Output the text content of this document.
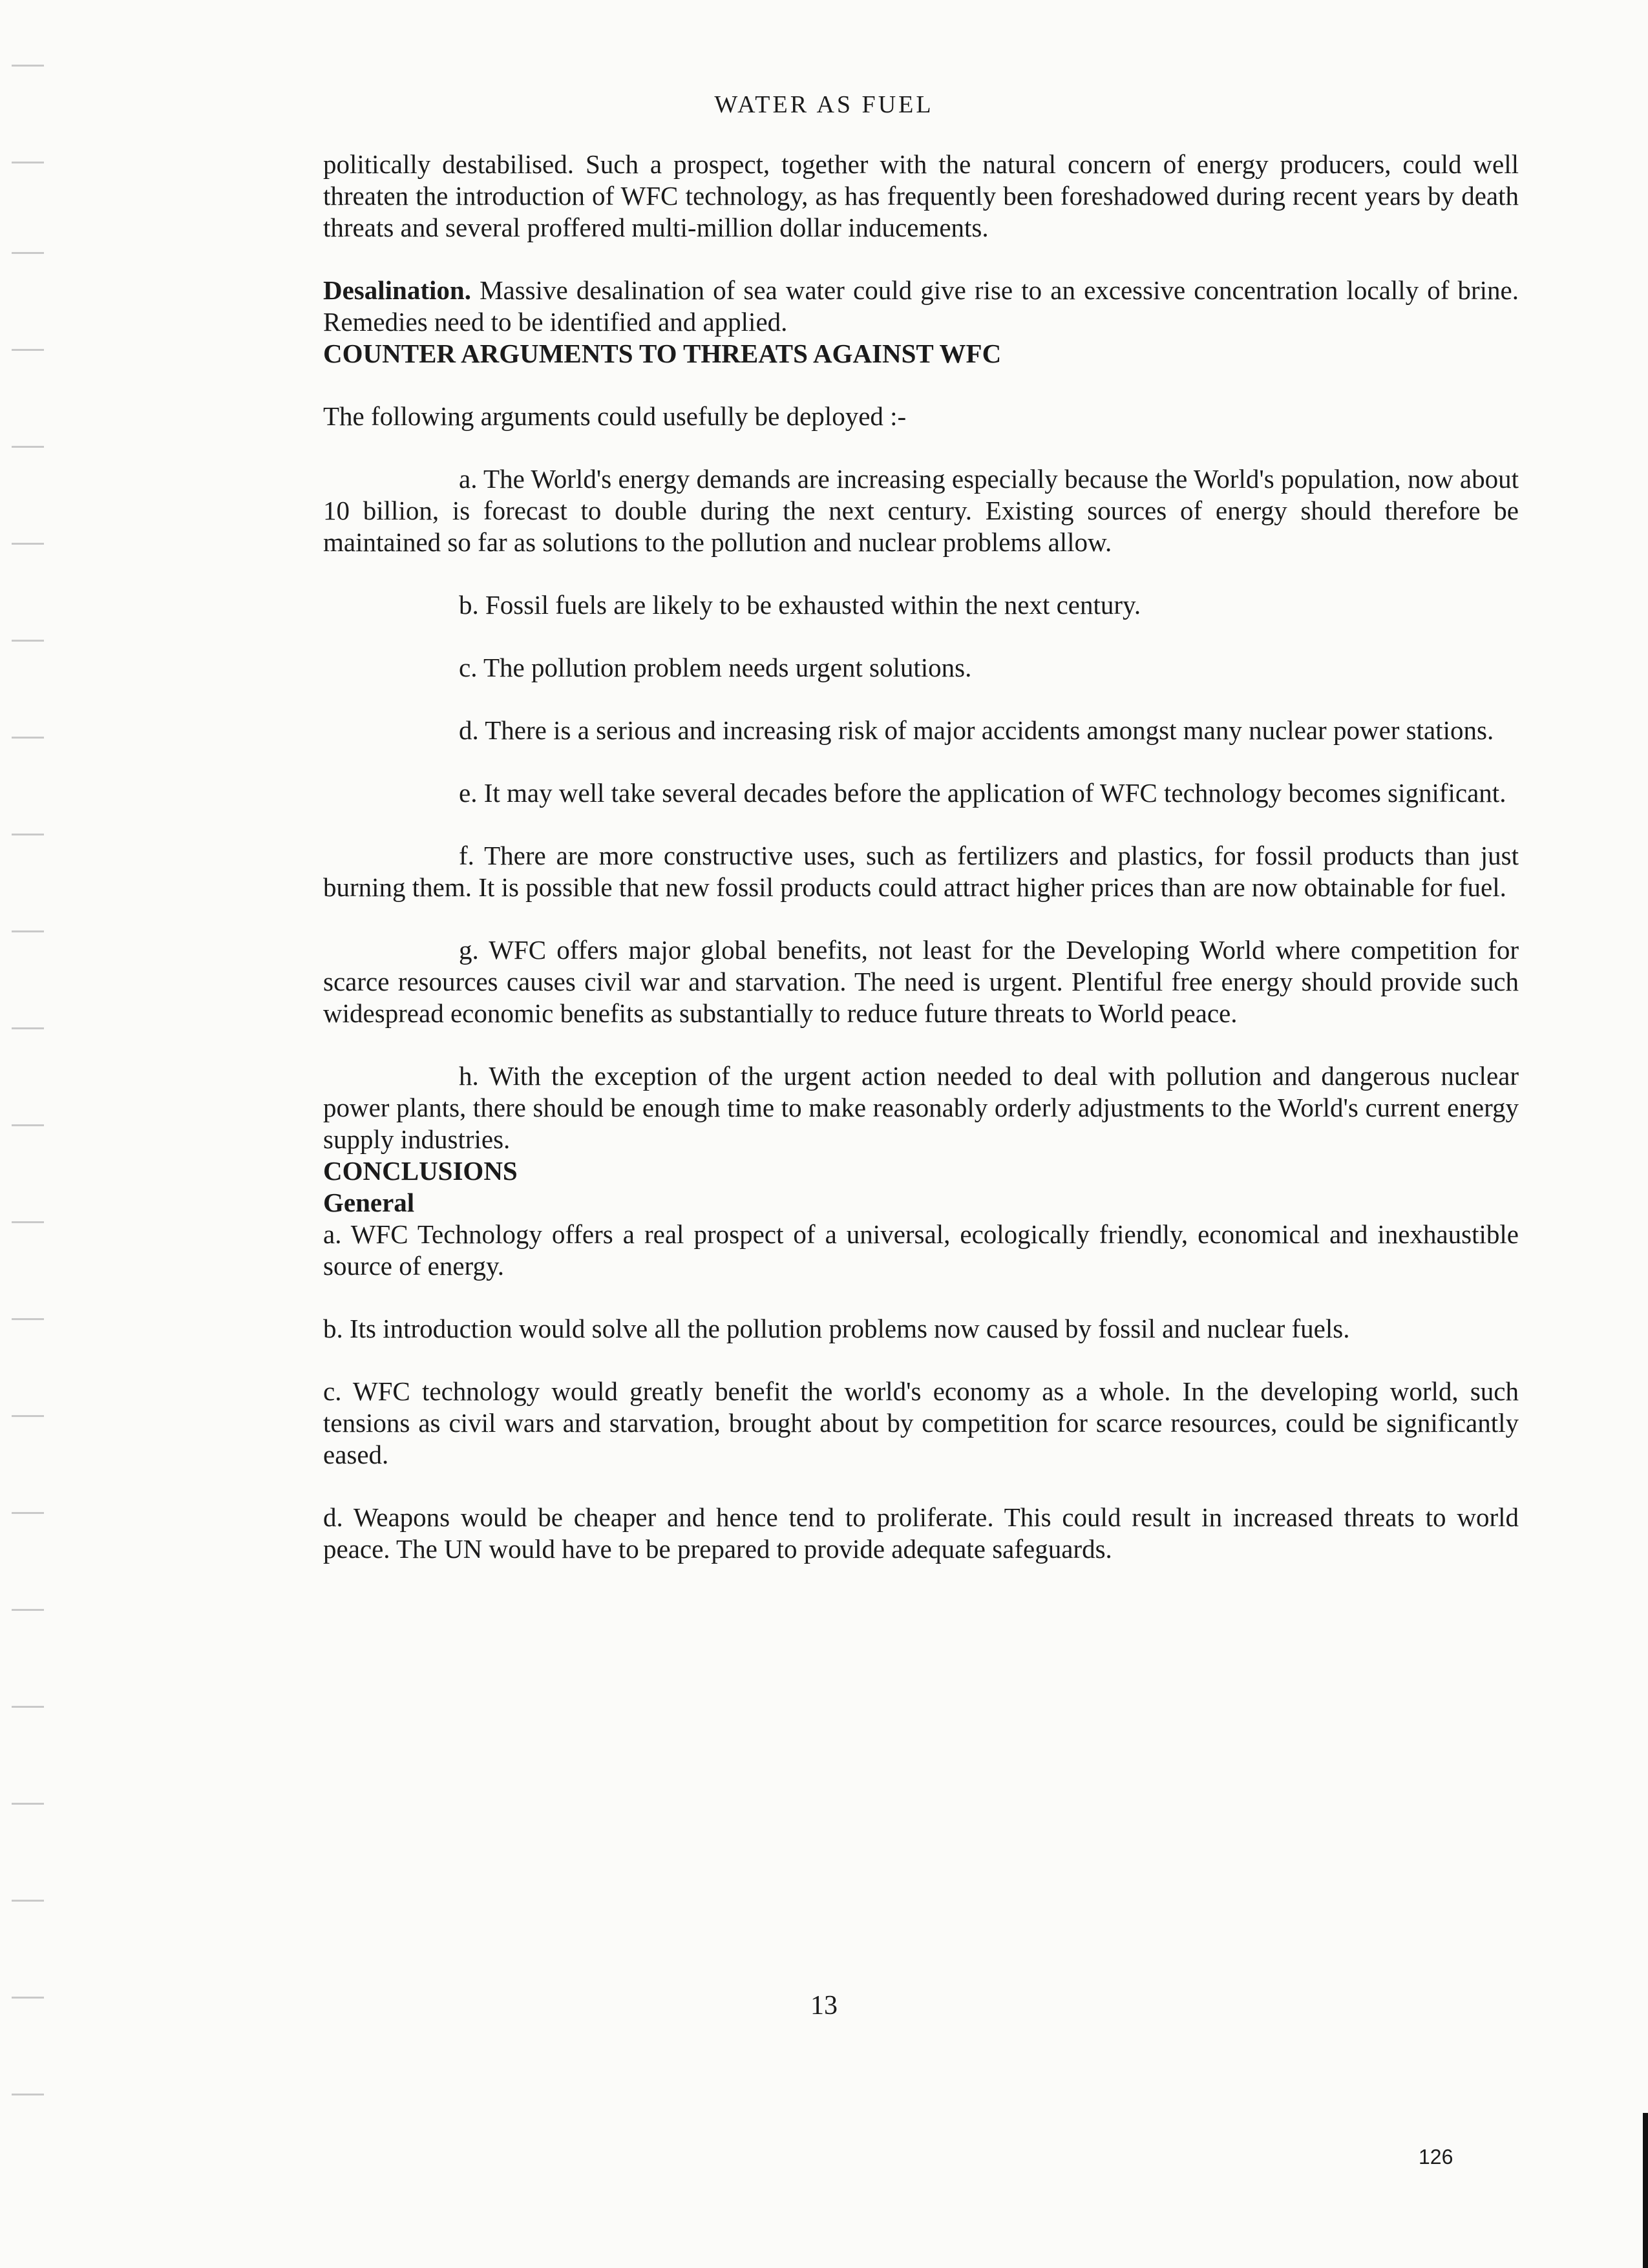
WATER AS FUEL

politically destabilised. Such a prospect, together with the natural concern of energy producers, could well threaten the introduction of WFC technology, as has frequently been foreshadowed during recent years by death threats and several proffered multi-million dollar inducements.

Desalination. Massive desalination of sea water could give rise to an excessive concentration locally of brine. Remedies need to be identified and applied.

COUNTER ARGUMENTS TO THREATS AGAINST WFC

The following arguments could usefully be deployed :-

a. The World's energy demands are increasing especially because the World's population, now about 10 billion, is forecast to double during the next century. Existing sources of energy should therefore be maintained so far as solutions to the pollution and nuclear problems allow.

b. Fossil fuels are likely to be exhausted within the next century.

c. The pollution problem needs urgent solutions.

d. There is a serious and increasing risk of major accidents amongst many nuclear power stations.

e. It may well take several decades before the application of WFC technology becomes significant.

f. There are more constructive uses, such as fertilizers and plastics, for fossil products than just burning them. It is possible that new fossil products could attract higher prices than are now obtainable for fuel.

g. WFC offers major global benefits, not least for the Developing World where competition for scarce resources causes civil war and starvation. The need is urgent. Plentiful free energy should provide such widespread economic benefits as substantially to reduce future threats to World peace.

h. With the exception of the urgent action needed to deal with pollution and dangerous nuclear power plants, there should be enough time to make reasonably orderly adjustments to the World's current energy supply industries.

CONCLUSIONS
General

a. WFC Technology offers a real prospect of a universal, ecologically friendly, economical and inexhaustible source of energy.

b. Its introduction would solve all the pollution problems now caused by fossil and nuclear fuels.

c. WFC technology would greatly benefit the world's economy as a whole. In the developing world, such tensions as civil wars and starvation, brought about by competition for scarce resources, could be significantly eased.

d. Weapons would be cheaper and hence tend to proliferate. This could result in increased threats to world peace. The UN would have to be prepared to provide adequate safeguards.

13
126
